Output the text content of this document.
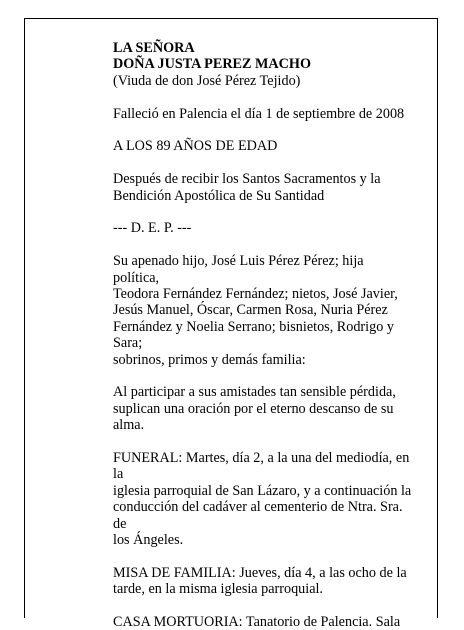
LA SEÑORA

DOÑA JUSTA PEREZ MACHO

(Viuda de don José Pérez Tejido)

Falleció en Palencia el día 1 de septiembre de 2008

A LOS 89 AÑOS DE EDAD

Después de recibir los Santos Sacramentos y la

Bendición Apostólica de Su Santidad

--- D. E. P. ---

Su apenado hijo, José Luis Pérez Pérez; hija política,

Teodora Fernández Fernández; nietos, José Javier,

Jesús Manuel, Óscar, Carmen Rosa, Nuria Pérez

Fernández y Noelia Serrano; bisnietos, Rodrigo y Sara;

sobrinos, primos y demás familia:

Al participar a sus amistades tan sensible pérdida,

suplican una oración por el eterno descanso de su alma.

FUNERAL: Martes, día 2, a la una del mediodía, en la

iglesia parroquial de San Lázaro, y a continuación la

conducción del cadáver al cementerio de Ntra. Sra. de

los Ángeles.

MISA DE FAMILIA: Jueves, día 4, a las ocho de la

tarde, en la misma iglesia parroquial.

CASA MORTUORIA: Tanatorio de Palencia. Sala
